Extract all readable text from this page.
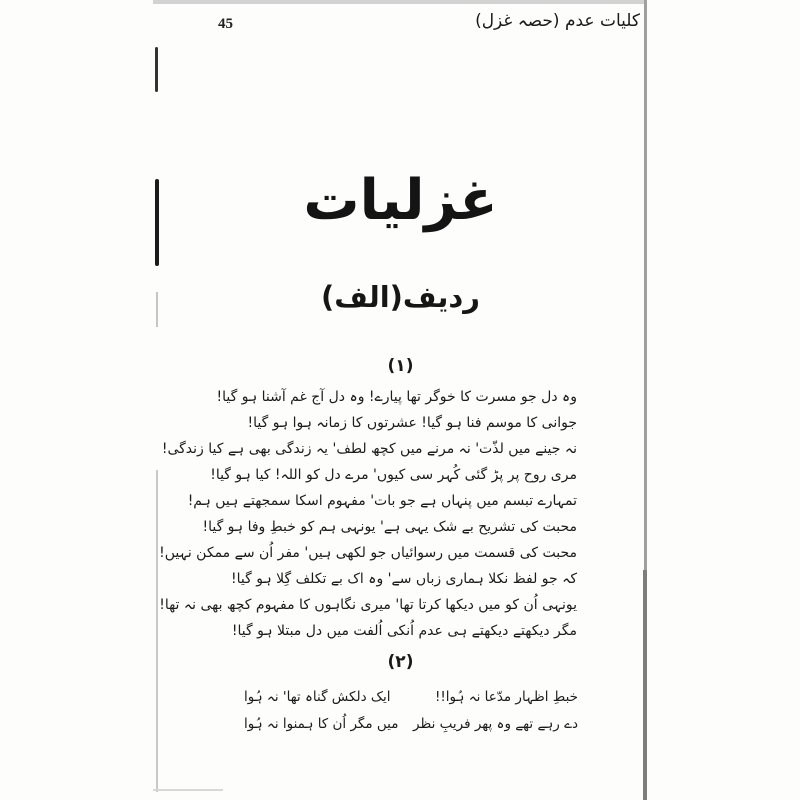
45	کلیات عدم (حصہ غزل)
غزلیات
ردیف(الف)
(۱)
وہ دل جو مسرت کا خوگر تھا پیارے! وہ دل آج غم آشنا ہو گیا!
جوانی کا موسم فنا ہو گیا! عشرتوں کا زمانہ ہوا ہو گیا!
نہ جینے میں لذّت' نہ مرنے میں کچھ لطف' یہ زندگی بھی ہے کیا زندگی!
مری روح پر پڑ گئی کُہر سی کیوں' مرے دل کو اللہ! کیا ہو گیا!
تمہارے تبسم میں پنہاں ہے جو بات' مفہوم اسکا سمجھتے ہیں ہم!
محبت کی تشریح بے شک یہی ہے' یونہی ہم کو خبطِ وفا ہو گیا!
محبت کی قسمت میں رسوائیاں جو لکھی ہیں' مفر اُن سے ممکن نہیں!
کہ جو لفظ نکلا ہماری زباں سے' وہ اک بے تکلف گِلا ہو گیا!
یونہی اُن کو میں دیکھا کرتا تھا' میری نگاہوں کا مفہوم کچھ بھی نہ تھا!
مگر دیکھتے دیکھتے ہی عدم اُنکی اُلفت میں دل مبتلا ہو گیا!
(۲)
خبطِ اظہار مدّعا نہ ہُوا!!
ایک دلکش گناہ تھا' نہ ہُوا
دے رہے تھے وہ پھر فریبِ نظر
میں مگر اُن کا ہمنوا نہ ہُوا
